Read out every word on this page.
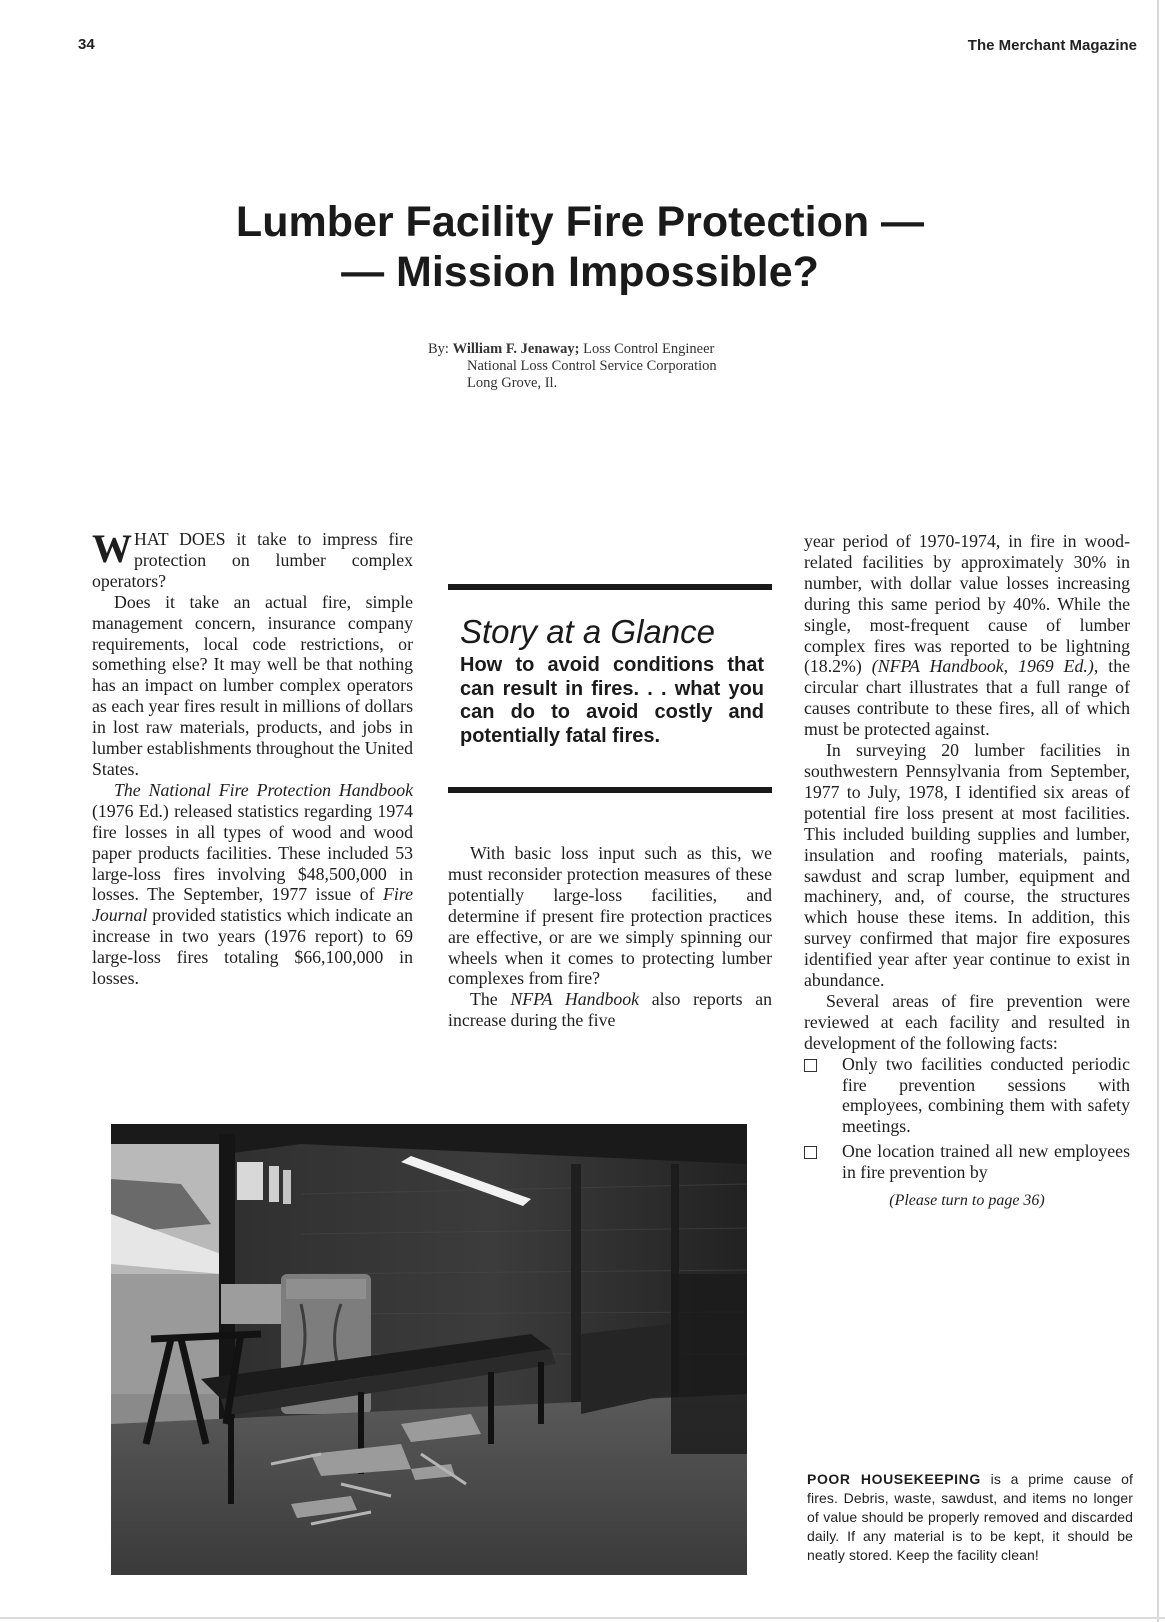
34	The Merchant Magazine
Lumber Facility Fire Protection —
— Mission Impossible?
By: William F. Jenaway; Loss Control Engineer
National Loss Control Service Corporation
Long Grove, Il.

WHAT DOES it take to impress fire protection on lumber complex operators?

Does it take an actual fire, simple management concern, insurance company requirements, local code restrictions, or something else? It may well be that nothing has an impact on lumber complex operators as each year fires result in millions of dollars in lost raw materials, products, and jobs in lumber establishments throughout the United States.

The National Fire Protection Handbook (1976 Ed.) released statistics regarding 1974 fire losses in all types of wood and wood paper products facilities. These included 53 large-loss fires involving $48,500,000 in losses. The September, 1977 issue of Fire Journal provided statistics which indicate an increase in two years (1976 report) to 69 large-loss fires totaling $66,100,000 in losses.

Story at a Glance
How to avoid conditions that can result in fires. . . what you can do to avoid costly and potentially fatal fires.

With basic loss input such as this, we must reconsider protection measures of these potentially large-loss facilities, and determine if present fire protection practices are effective, or are we simply spinning our wheels when it comes to protecting lumber complexes from fire?

The NFPA Handbook also reports an increase during the five

year period of 1970-1974, in fire in wood-related facilities by approximately 30% in number, with dollar value losses increasing during this same period by 40%. While the single, most-frequent cause of lumber complex fires was reported to be lightning (18.2%) (NFPA Handbook, 1969 Ed.), the circular chart illustrates that a full range of causes contribute to these fires, all of which must be protected against.

In surveying 20 lumber facilities in southwestern Pennsylvania from September, 1977 to July, 1978, I identified six areas of potential fire loss present at most facilities. This included building supplies and lumber, insulation and roofing materials, paints, sawdust and scrap lumber, equipment and machinery, and, of course, the structures which house these items. In addition, this survey confirmed that major fire exposures identified year after year continue to exist in abundance.

Several areas of fire prevention were reviewed at each facility and resulted in development of the following facts:

Only two facilities conducted periodic fire prevention sessions with employees, combining them with safety meetings.
One location trained all new employees in fire prevention by
(Please turn to page 36)
POOR HOUSEKEEPING is a prime cause of fires. Debris, waste, sawdust, and items no longer of value should be properly removed and discarded daily. If any material is to be kept, it should be neatly stored. Keep the facility clean!
